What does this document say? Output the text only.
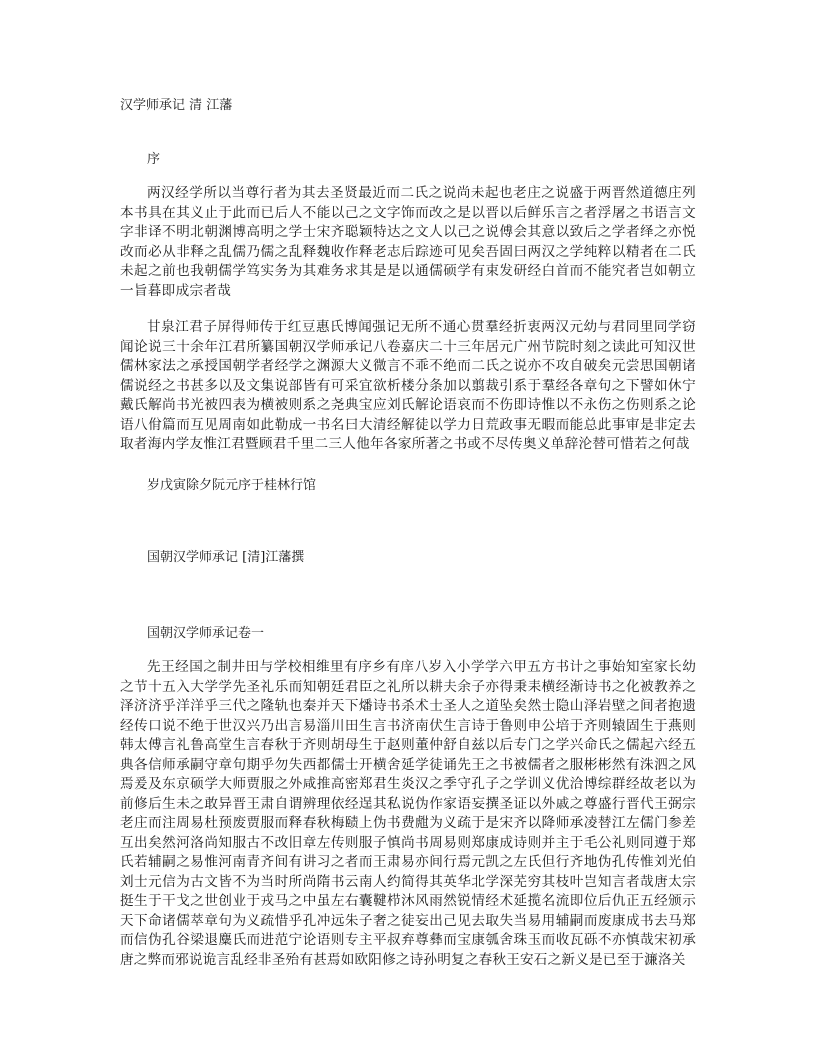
汉学师承记 清 江藩

序

两汉经学所以当尊行者为其去圣贤最近而二氏之说尚未起也老庄之说盛于两晋然道德庄列本书具在其义止于此而已后人不能以己之文字饰而改之是以晋以后鲜乐言之者浮屠之书语言文字非译不明北朝渊博高明之学士宋齐聪颖特达之文人以己之说傅会其意以致后之学者绎之亦悦改而必从非释之乱儒乃儒之乱释魏收作释老志后踪迹可见矣吾固曰两汉之学纯粹以精者在二氏未起之前也我朝儒学笃实务为其难务求其是是以通儒硕学有束发研经白首而不能究者岂如朝立一旨暮即成宗者哉

甘泉江君子屏得师传于红豆惠氏博闻强记无所不通心贯羣经折衷两汉元幼与君同里同学窃闻论说三十余年江君所纂国朝汉学师承记八卷嘉庆二十三年居元广州节院时刻之读此可知汉世儒林家法之承授国朝学者经学之渊源大义微言不乖不绝而二氏之说亦不攻自破矣元尝思国朝诸儒说经之书甚多以及文集说部皆有可采宜欲析楼分条加以翦裁引系于羣经各章句之下譬如休宁戴氏解尚书光被四表为横被则系之尧典宝应刘氏解论语哀而不伤即诗惟以不永伤之伤则系之论语八佾篇而互见周南如此勒成一书名曰大清经解徒以学力日荒政事无暇而能总此事审是非定去取者海内学友惟江君暨顾君千里二三人他年各家所著之书或不尽传奥义单辞沦替可惜若之何哉

岁戊寅除夕阮元序于桂林行馆

国朝汉学师承记 [清]江藩撰

国朝汉学师承记卷一

先王经国之制井田与学校相维里有序乡有庠八岁入小学学六甲五方书计之事始知室家长幼之节十五入大学学先圣礼乐而知朝廷君臣之礼所以耕夫余子亦得秉耒横经渐诗书之化被教养之泽济济乎洋洋乎三代之隆轨也秦并天下燔诗书杀术士圣人之道坠矣然士隐山泽岩壁之间者抱遗经传口说不绝于世汉兴乃出言易淄川田生言书济南伏生言诗于鲁则申公培于齐则辕固生于燕则韩太傅言礼鲁高堂生言春秋于齐则胡母生于赵则董仲舒自兹以后专门之学兴命氏之儒起六经五典各信师承嗣守章句期乎勿失西都儒士开横舍延学徒诵先王之书被儒者之服彬彬然有洙泗之风焉爰及东京硕学大师贾服之外咸推高密郑君生炎汉之季守孔子之学训义优洽博综群经故老以为前修后生未之敢异晋王肃自谓辨理依经逞其私说伪作家语妄撰圣证以外戚之尊盛行晋代王弼宗老庄而注周易杜预废贾服而释春秋梅赜上伪书费甝为义疏于是宋齐以降师承凌替江左儒门参差互出矣然河洛尚知服古不改旧章左传则服子慎尚书周易则郑康成诗则并主于毛公礼则同遵于郑氏若辅嗣之易惟河南青齐间有讲习之者而王肃易亦间行焉元凯之左氏但行齐地伪孔传惟刘光伯刘士元信为古文皆不为当时所尚隋书云南人约简得其英华北学深芜穷其枝叶岂知言者哉唐太宗挺生于干戈之世创业于戎马之中虽左右囊鞬栉沐风雨然锐情经术延揽名流即位后仇正五经颁示天下命诸儒萃章句为义疏惜乎孔冲远朱子奢之徒妄出己见去取失当易用辅嗣而废康成书去马郑而信伪孔谷梁退麋氏而进范宁论语则专主平叔弃尊彝而宝康瓠舍珠玉而收瓦砾不亦慎哉宋初承唐之弊而邪说诡言乱经非圣殆有甚焉如欧阳修之诗孙明复之春秋王安石之新义是已至于濂洛关
